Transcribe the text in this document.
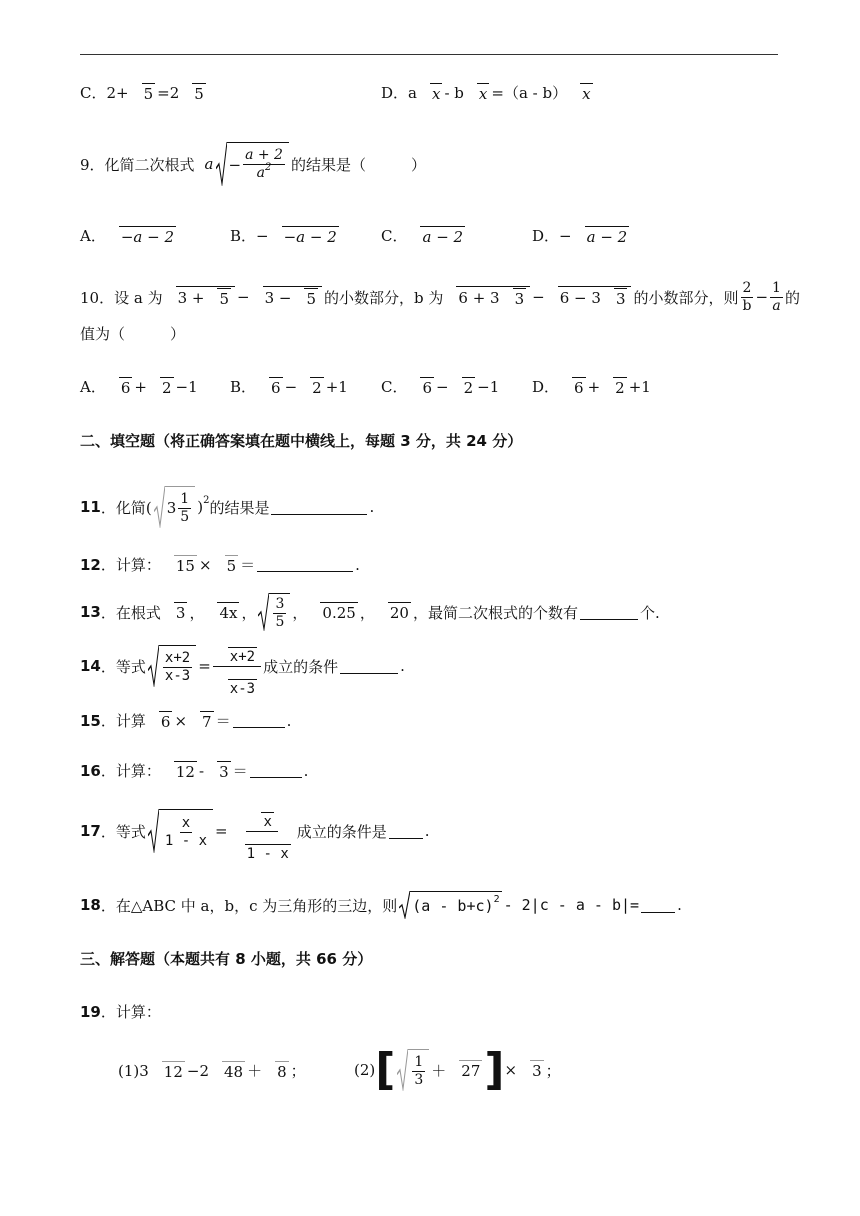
C． 2+ 5 =2 5	D． a x - b x =（a - b） x
9．化简二次根式 $a - \frac{a + 2}{a^2}$ 的结果是（　　　）
A． −a − 2	B． − −a − 2	C． a − 2	D． − a − 2
10．设 a 为 3 + 5 − 3 − 5 的小数部分，b 为 6 + 3 3 − 6 − 3 3 的小数部分，则 $\frac{2}{b} - \frac{1}{a}$ 的
值为（　　　）
A． 6 + 2 −1 B． 6 − 2 +1 C． 6 − 2 −1 D． 6 + 2 +1
二、填空题（将正确答案填在题中横线上，每题 3 分，共 24 分）
11 ．化简( $3 \frac{1}{5}$ ) 2 的结果是	.
12 ．计算： 15 × 5 ＝	.
13 ．在根式 3 ， 4x ， $\frac{3}{5}$ ， 0.25 ， 20 ，最简二次根式的个数有	个.
14 ．等式 $\frac{x+2}{x-3} = \frac{x+2}{x-3}$ 成立的条件	.
15 ．计算 6 × 7 ＝	.
16 ．计算： 12 - 3 ＝	.
17 ．等式 $\frac{x}{1 - x} = \frac{x}{1 - x}$ 成立的条件是	.
18 ．在△ABC 中 a，b，c 为三角形的三边，则 (a - b+c) 2 - 2|c - a - b|=	.
三、解答题（本题共有 8 小题，共 66 分）
19 ．计算：
(1)3 12 −2 48 ＋ 8 ；	(2) [ $\frac{1}{3} + 27$ ] × 3 ；
